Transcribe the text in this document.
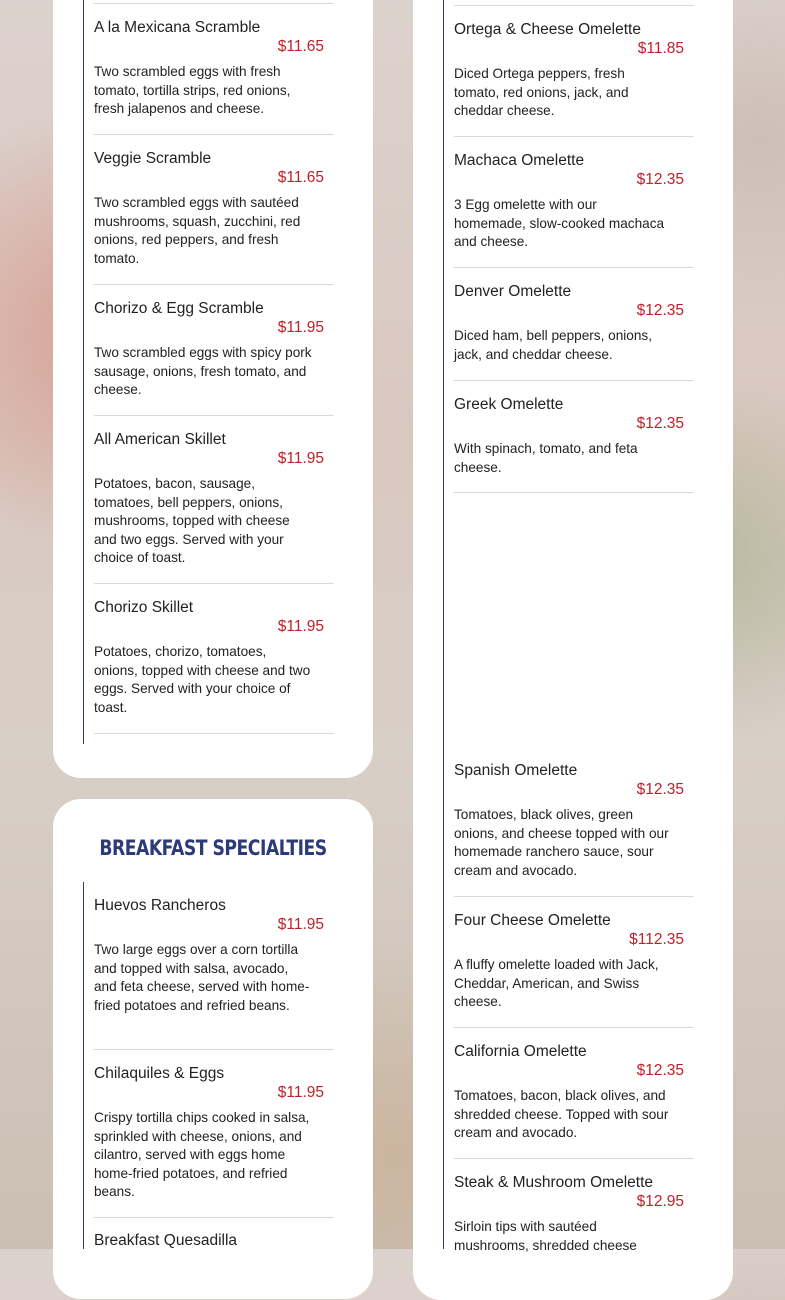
A la Mexicana Scramble
$11.65
Two scrambled eggs with fresh tomato, tortilla strips, red onions, fresh jalapenos and cheese.
Veggie Scramble
$11.65
Two scrambled eggs with sautéed mushrooms, squash, zucchini, red onions, red peppers, and fresh tomato.
Chorizo & Egg Scramble
$11.95
Two scrambled eggs with spicy pork sausage, onions, fresh tomato, and cheese.
All American Skillet
$11.95
Potatoes, bacon, sausage, tomatoes, bell peppers, onions, mushrooms, topped with cheese and two eggs. Served with your choice of toast.
Chorizo Skillet
$11.95
Potatoes, chorizo, tomatoes, onions, topped with cheese and two eggs. Served with your choice of toast.
BREAKFAST SPECIALTIES
Huevos Rancheros
$11.95
Two large eggs over a corn tortilla and topped with salsa, avocado, and feta cheese, served with home-fried potatoes and refried beans.
Chilaquiles & Eggs
$11.95
Crispy tortilla chips cooked in salsa, sprinkled with cheese, onions, and cilantro, served with eggs home home-fried potatoes, and refried beans.
Breakfast Quesadilla
Ortega & Cheese Omelette
$11.85
Diced Ortega peppers, fresh tomato, red onions, jack, and cheddar cheese.
Machaca Omelette
$12.35
3 Egg omelette with our homemade, slow-cooked machaca and cheese.
Denver Omelette
$12.35
Diced ham, bell peppers, onions, jack, and cheddar cheese.
Greek Omelette
$12.35
With spinach, tomato, and feta cheese.
Spanish Omelette
$12.35
Tomatoes, black olives, green onions, and cheese topped with our homemade ranchero sauce, sour cream and avocado.
Four Cheese Omelette
$112.35
A fluffy omelette loaded with Jack, Cheddar, American, and Swiss cheese.
California Omelette
$12.35
Tomatoes, bacon, black olives, and shredded cheese. Topped with sour cream and avocado.
Steak & Mushroom Omelette
$12.95
Sirloin tips with sautéed mushrooms, shredded cheese
